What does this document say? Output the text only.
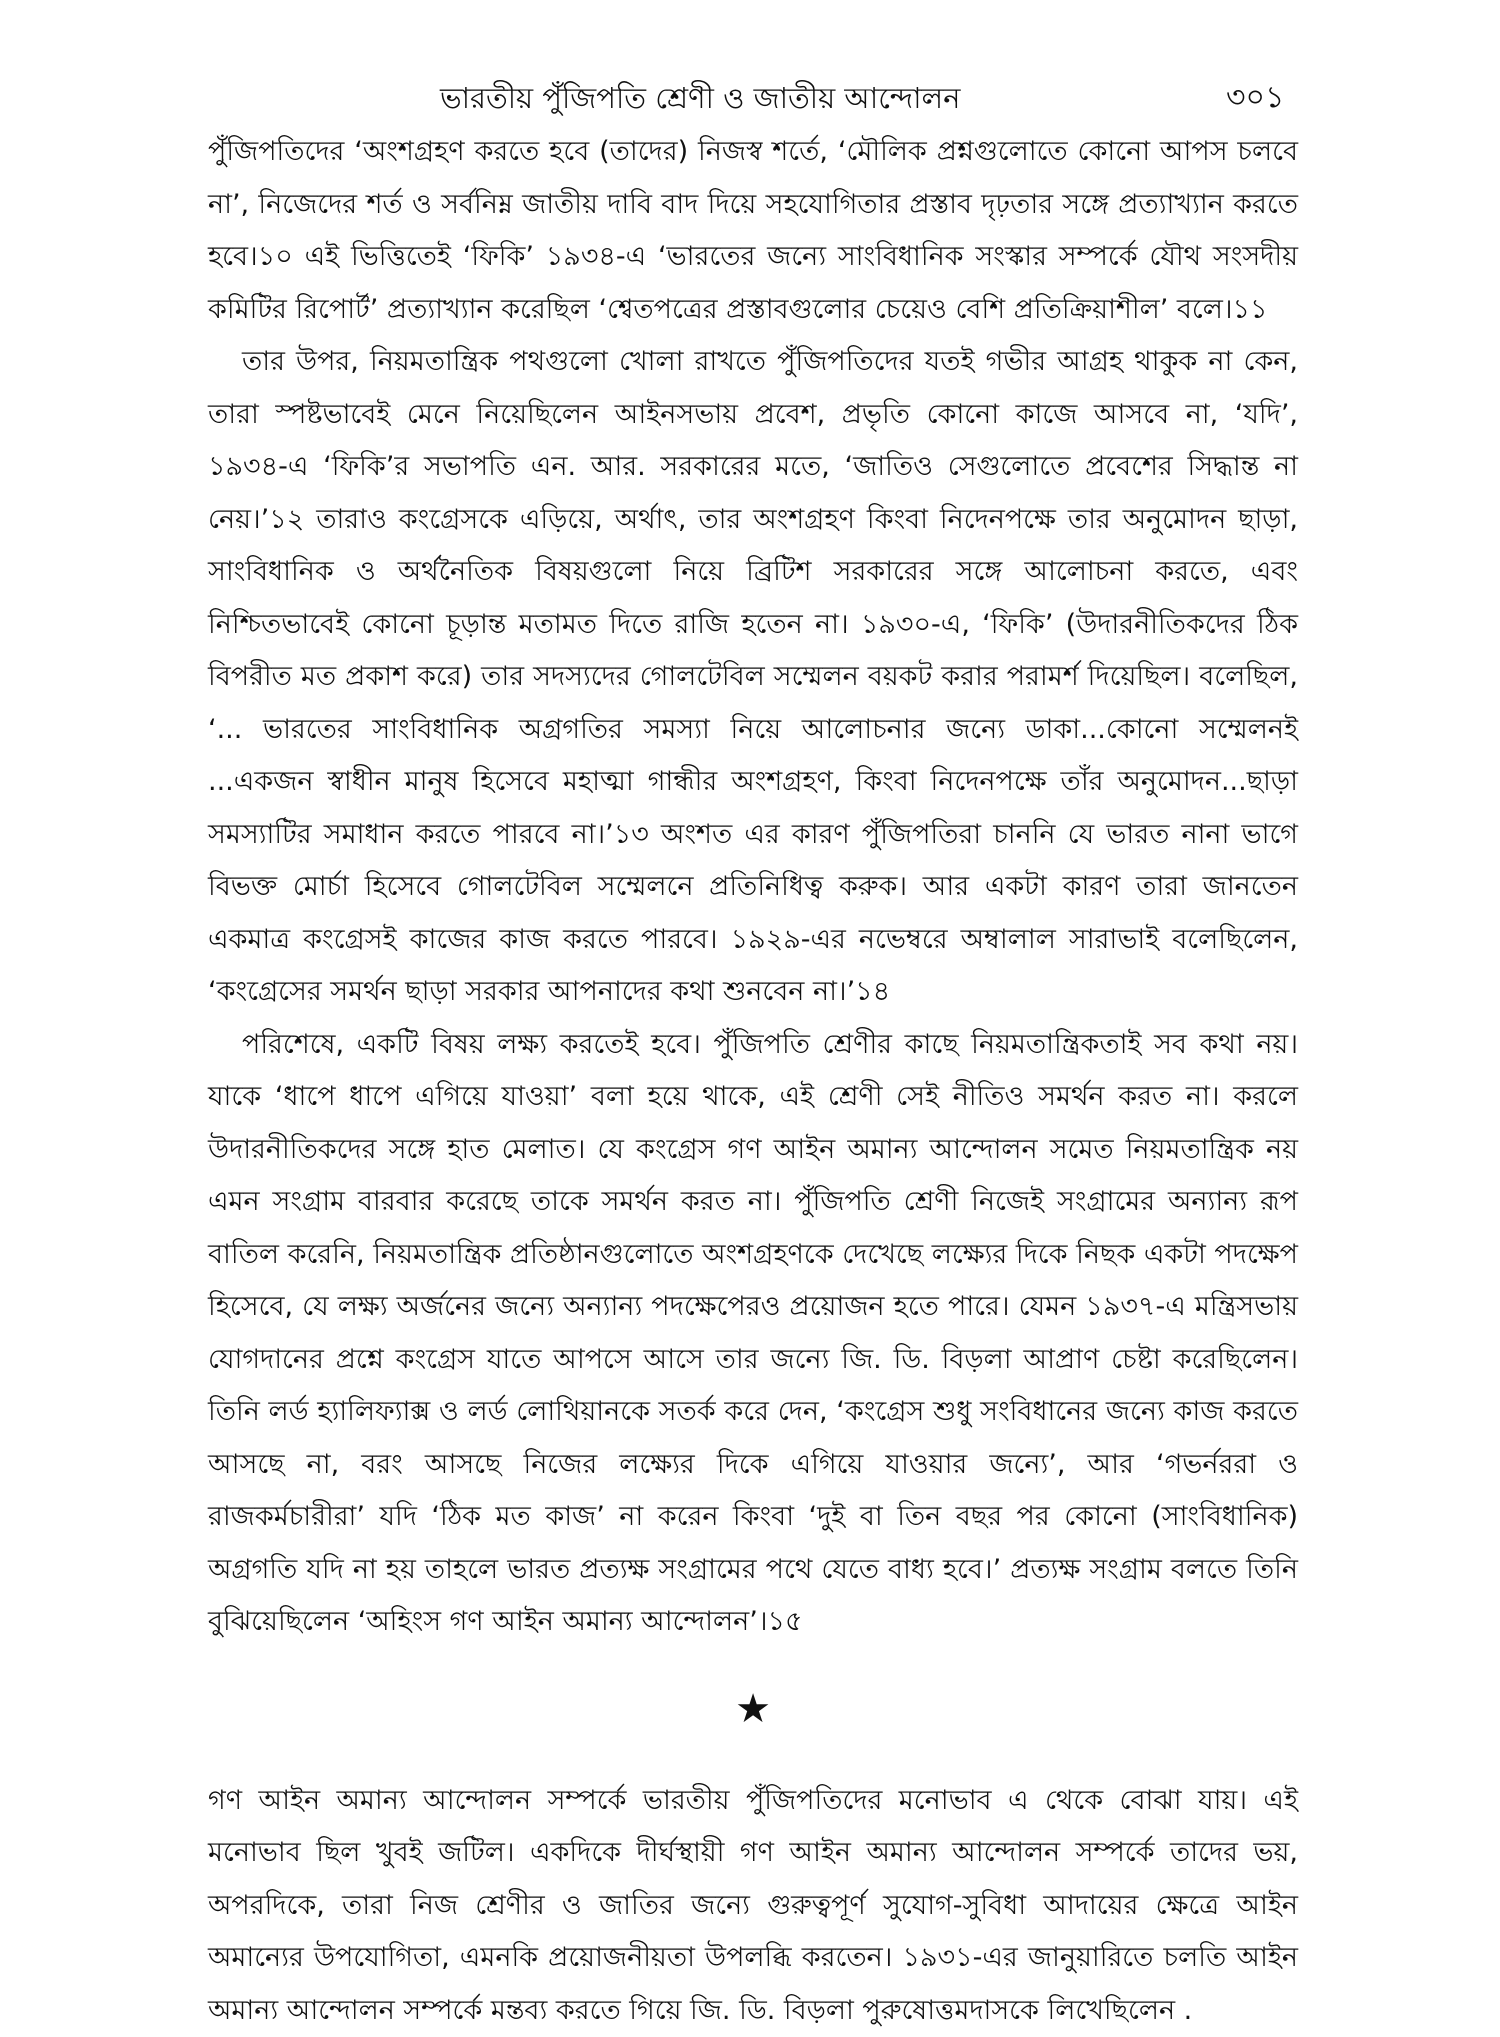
ভারতীয় পুঁজিপতি শ্রেণী ও জাতীয় আন্দোলন	৩০১

পুঁজিপতিদের ‘অংশগ্রহণ করতে হবে (তাদের) নিজস্ব শর্তে, ‘মৌলিক প্রশ্নগুলোতে কোনো আপস চলবে না’, নিজেদের শর্ত ও সর্বনিম্ন জাতীয় দাবি বাদ দিয়ে সহযোগিতার প্রস্তাব দৃঢ়তার সঙ্গে প্রত্যাখ্যান করতে হবে।১০ এই ভিত্তিতেই ‘ফিকি’ ১৯৩৪-এ ‘ভারতের জন্যে সাংবিধানিক সংস্কার সম্পর্কে যৌথ সংসদীয় কমিটির রিপোর্ট’ প্রত্যাখ্যান করেছিল ‘শ্বেতপত্রের প্রস্তাবগুলোর চেয়েও বেশি প্রতিক্রিয়াশীল’ বলে।১১

তার উপর, নিয়মতান্ত্রিক পথগুলো খোলা রাখতে পুঁজিপতিদের যতই গভীর আগ্রহ থাকুক না কেন, তারা স্পষ্টভাবেই মেনে নিয়েছিলেন আইনসভায় প্রবেশ, প্রভৃতি কোনো কাজে আসবে না, ‘যদি’, ১৯৩৪-এ ‘ফিকি’র সভাপতি এন. আর. সরকারের মতে, ‘জাতিও সেগুলোতে প্রবেশের সিদ্ধান্ত না নেয়।’১২ তারাও কংগ্রেসকে এড়িয়ে, অর্থাৎ, তার অংশগ্রহণ কিংবা নিদেনপক্ষে তার অনুমোদন ছাড়া, সাংবিধানিক ও অর্থনৈতিক বিষয়গুলো নিয়ে ব্রিটিশ সরকারের সঙ্গে আলোচনা করতে, এবং নিশ্চিতভাবেই কোনো চূড়ান্ত মতামত দিতে রাজি হতেন না। ১৯৩০-এ, ‘ফিকি’ (উদারনীতিকদের ঠিক বিপরীত মত প্রকাশ করে) তার সদস্যদের গোলটেবিল সম্মেলন বয়কট করার পরামর্শ দিয়েছিল। বলেছিল, ‘... ভারতের সাংবিধানিক অগ্রগতির সমস্যা নিয়ে আলোচনার জন্যে ডাকা...কোনো সম্মেলনই ...একজন স্বাধীন মানুষ হিসেবে মহাত্মা গান্ধীর অংশগ্রহণ, কিংবা নিদেনপক্ষে তাঁর অনুমোদন...ছাড়া সমস্যাটির সমাধান করতে পারবে না।’১৩ অংশত এর কারণ পুঁজিপতিরা চাননি যে ভারত নানা ভাগে বিভক্ত মোর্চা হিসেবে গোলটেবিল সম্মেলনে প্রতিনিধিত্ব করুক। আর একটা কারণ তারা জানতেন একমাত্র কংগ্রেসই কাজের কাজ করতে পারবে। ১৯২৯-এর নভেম্বরে অম্বালাল সারাভাই বলেছিলেন, ‘কংগ্রেসের সমর্থন ছাড়া সরকার আপনাদের কথা শুনবেন না।’১৪

পরিশেষে, একটি বিষয় লক্ষ্য করতেই হবে। পুঁজিপতি শ্রেণীর কাছে নিয়মতান্ত্রিকতাই সব কথা নয়। যাকে ‘ধাপে ধাপে এগিয়ে যাওয়া’ বলা হয়ে থাকে, এই শ্রেণী সেই নীতিও সমর্থন করত না। করলে উদারনীতিকদের সঙ্গে হাত মেলাত। যে কংগ্রেস গণ আইন অমান্য আন্দোলন সমেত নিয়মতান্ত্রিক নয় এমন সংগ্রাম বারবার করেছে তাকে সমর্থন করত না। পুঁজিপতি শ্রেণী নিজেই সংগ্রামের অন্যান্য রূপ বাতিল করেনি, নিয়মতান্ত্রিক প্রতিষ্ঠানগুলোতে অংশগ্রহণকে দেখেছে লক্ষ্যের দিকে নিছক একটা পদক্ষেপ হিসেবে, যে লক্ষ্য অর্জনের জন্যে অন্যান্য পদক্ষেপেরও প্রয়োজন হতে পারে। যেমন ১৯৩৭-এ মন্ত্রিসভায় যোগদানের প্রশ্নে কংগ্রেস যাতে আপসে আসে তার জন্যে জি. ডি. বিড়লা আপ্রাণ চেষ্টা করেছিলেন। তিনি লর্ড হ্যালিফ্যাক্স ও লর্ড লোথিয়ানকে সতর্ক করে দেন, ‘কংগ্রেস শুধু সংবিধানের জন্যে কাজ করতে আসছে না, বরং আসছে নিজের লক্ষ্যের দিকে এগিয়ে যাওয়ার জন্যে’, আর ‘গভর্নররা ও রাজকর্মচারীরা’ যদি ‘ঠিক মত কাজ’ না করেন কিংবা ‘দুই বা তিন বছর পর কোনো (সাংবিধানিক) অগ্রগতি যদি না হয় তাহলে ভারত প্রত্যক্ষ সংগ্রামের পথে যেতে বাধ্য হবে।’ প্রত্যক্ষ সংগ্রাম বলতে তিনি বুঝিয়েছিলেন ‘অহিংস গণ আইন অমান্য আন্দোলন’।১৫

★

গণ আইন অমান্য আন্দোলন সম্পর্কে ভারতীয় পুঁজিপতিদের মনোভাব এ থেকে বোঝা যায়। এই মনোভাব ছিল খুবই জটিল। একদিকে দীর্ঘস্থায়ী গণ আইন অমান্য আন্দোলন সম্পর্কে তাদের ভয়, অপরদিকে, তারা নিজ শ্রেণীর ও জাতির জন্যে গুরুত্বপূর্ণ সুযোগ-সুবিধা আদায়ের ক্ষেত্রে আইন অমান্যের উপযোগিতা, এমনকি প্রয়োজনীয়তা উপলব্ধি করতেন। ১৯৩১-এর জানুয়ারিতে চলতি আইন অমান্য আন্দোলন সম্পর্কে মন্তব্য করতে গিয়ে জি. ডি. বিড়লা পুরুষোত্তমদাসকে লিখেছিলেন .
